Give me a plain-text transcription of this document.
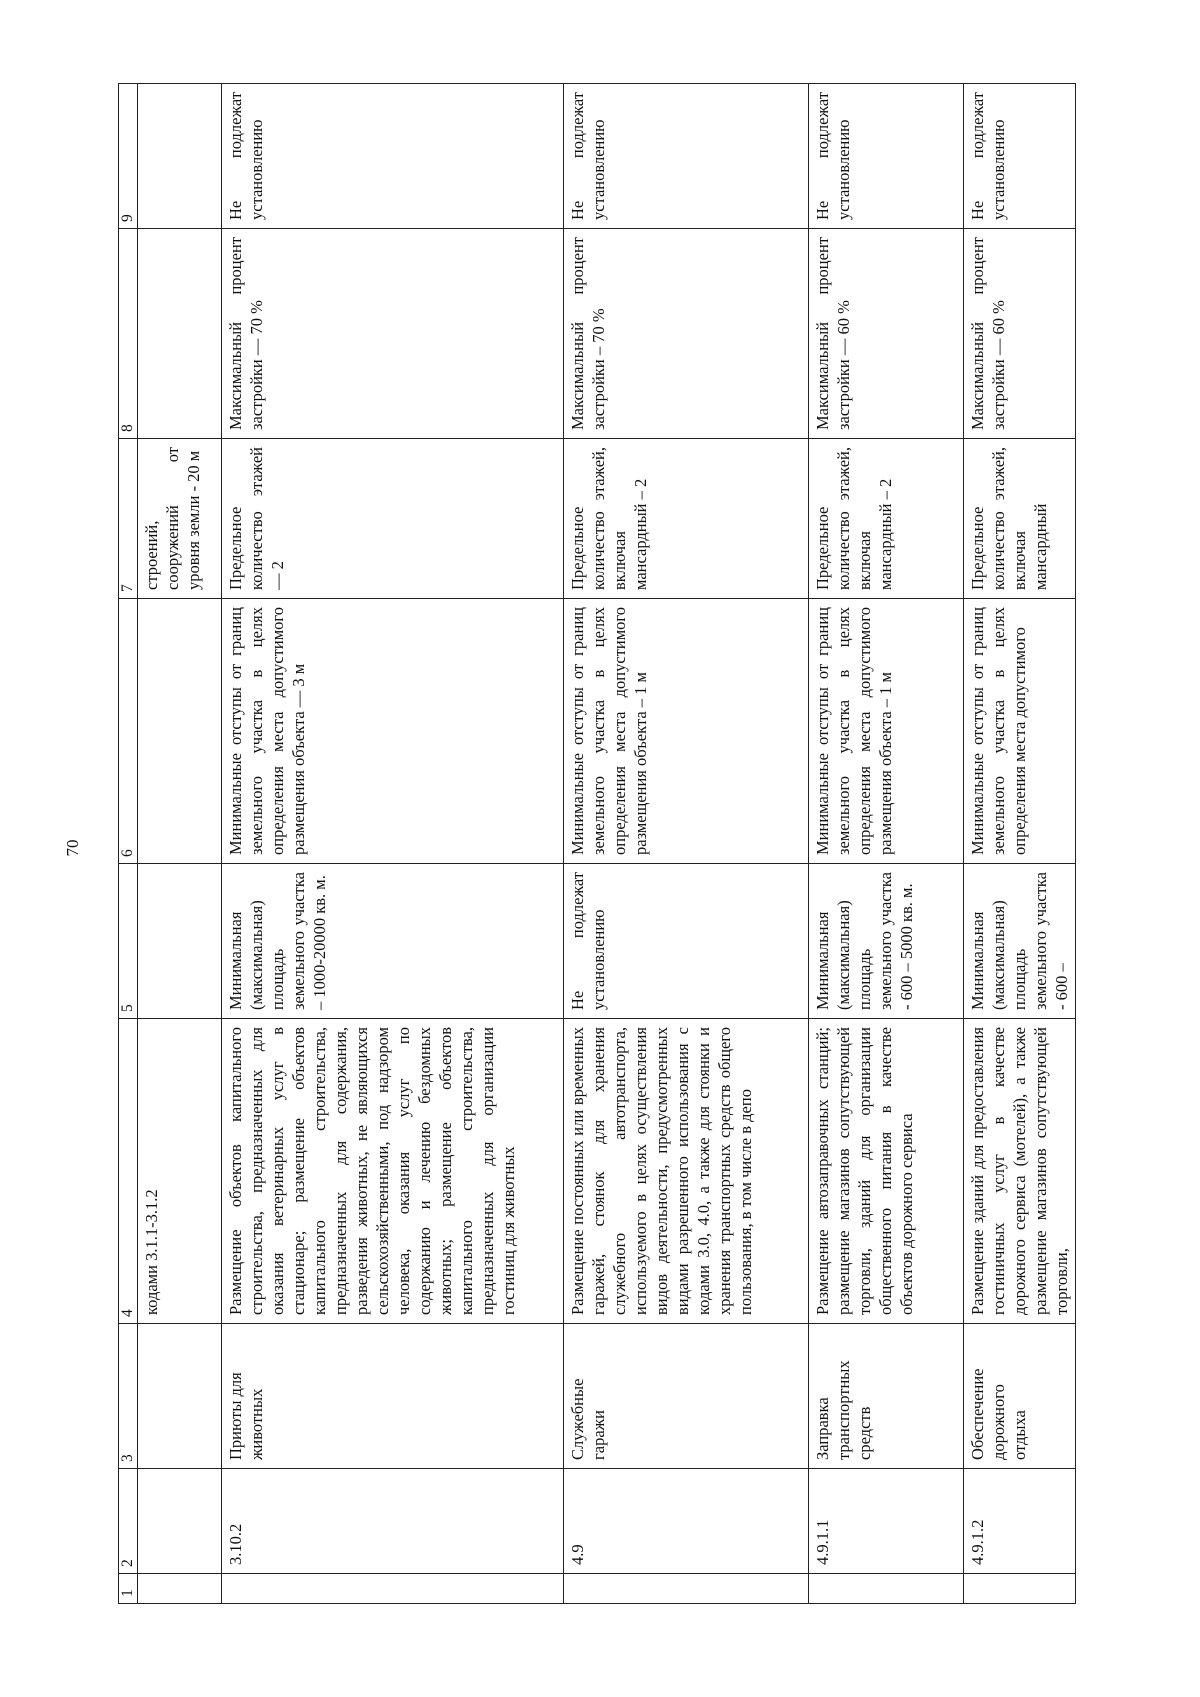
70
1	2	3	4	5	6	7	8	9
			кодами 3.1.1-3.1.2			строений, сооружений от уровня земли - 20 м		
	3.10.2	Приюты для животных	Размещение объектов капитального строительства, предназначенных для оказания ветеринарных услуг в стационаре; размещение объектов капитального строительства, предназначенных для содержания, разведения животных, не являющихся сельскохозяйственными, под надзором человека, оказания услуг по содержанию и лечению бездомных животных; размещение объектов капитального строительства, предназначенных для организации гостиниц для животных	Минимальная (максимальная) площадь земельного участка – 1000-20000 кв. м.	Минимальные отступы от границ земельного участка в целях определения места допустимого размещения объекта — 3 м	Предельное количество этажей — 2	Максимальный процент застройки — 70 %	Не подлежат установлению
	4.9	Служебные гаражи	Размещение постоянных или временных гаражей, стоянок для хранения служебного автотранспорта, используемого в целях осуществления видов деятельности, предусмотренных видами разрешенного использования с кодами 3.0, 4.0, а также для стоянки и хранения транспортных средств общего пользования, в том числе в депо	Не подлежат установлению	Минимальные отступы от границ земельного участка в целях определения места допустимого размещения объекта – 1 м	Предельное количество этажей, включая мансардный – 2	Максимальный процент застройки – 70 %	Не подлежат установлению
	4.9.1.1	Заправка транспортных средств	Размещение автозаправочных станций; размещение магазинов сопутствующей торговли, зданий для организации общественного питания в качестве объектов дорожного сервиса	Минимальная (максимальная) площадь земельного участка - 600 – 5000 кв. м.	Минимальные отступы от границ земельного участка в целях определения места допустимого размещения объекта – 1 м	Предельное количество этажей, включая мансардный – 2	Максимальный процент застройки — 60 %	Не подлежат установлению
	4.9.1.2	Обеспечение дорожного отдыха	Размещение зданий для предоставления гостиничных услуг в качестве дорожного сервиса (мотелей), а также размещение магазинов сопутствующей торговли,	Минимальная (максимальная) площадь земельного участка - 600 –	Минимальные отступы от границ земельного участка в целях определения места допустимого	Предельное количество этажей, включая мансардный	Максимальный процент застройки — 60 %	Не подлежат установлению
